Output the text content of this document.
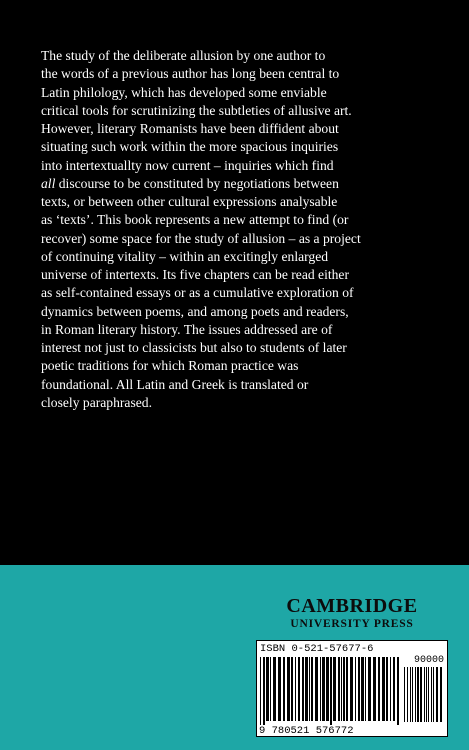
The study of the deliberate allusion by one author to
the words of a previous author has long been central to
Latin philology, which has developed some enviable
critical tools for scrutinizing the subtleties of allusive art.
However, literary Romanists have been diffident about
situating such work within the more spacious inquiries
into intertextuallty now current – inquiries which find
all discourse to be constituted by negotiations between
texts, or between other cultural expressions analysable
as ‘texts’. This book represents a new attempt to find (or
recover) some space for the study of allusion – as a project
of continuing vitality – within an excitingly enlarged
universe of intertexts. Its five chapters can be read either
as self-contained essays or as a cumulative exploration of
dynamics between poems, and among poets and readers,
in Roman literary history. The issues addressed are of
interest not just to classicists but also to students of later
poetic traditions for which Roman practice was
foundational. All Latin and Greek is translated or
closely paraphrased.
CAMBRIDGE
UNIVERSITY PRESS
ISBN 0-521-57677-6
90000
9 780521 576772
